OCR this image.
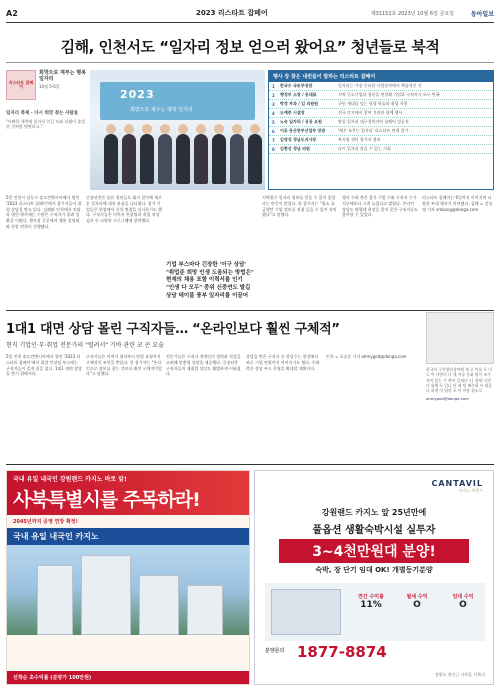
A2	2023 리스타트 잡페어	제31152호 2023년 10월 6일 금요일	동아일보
김해, 인천서도 “일자리 정보 얻으러 왔어요” 청년들로 북적
리스타트 잡페어
희망으로 재부는 행복 일자리
10월 5-6일
일자리 축제 - 다시 희망 찾는 사람들
"아빠한 세력에 일자리 얻길 도와 리쉐어 졸업한 것처럼 떳떳하고."
2023
희망으로 채우는 행복 일자리
행사 장 찾은 내빈들이 말하는 리스타트 잡페어
1	한국수 국토부장관	일자리는 가장 중요한 사업분야에서 핵심적인 것
2	행정부 소장 / 동대표	지역 중소기업과 청년을 연결해 기업과 구직자가 모두 만족
3	박정 부과 / 김 의원원	국민 세대를 잇는 평생 학습과 취업 지원
4	도예중 시설장	전국 각지에서 참여 기관과 함께 행사
5	노숙 일자리 / 공공 요원	양질 일자리 대구경북지역 잡페어 성공적
6	이로 동산중부산업부 장관	'배우 조우는 입자리' 리스타트 연계 참가
7	김영성 경남도지사장	복지형 센터 참가자 정보
8	김현성 경남 의원	다시 일자리 찾을 수 있는 기회

5일 인천시 남동구 송도컨벤시아에서 열린 '2023 리스타트 잡페어'에서 참가자들이 취업 상담을 받고 있다. 김해와 인천에서 잇따라 열린 행사에는 수많은 구직자가 몰려 성황을 이뤘다. 행사장 곳곳에서 채용 설명회와 현장 면접이 진행됐다.

중장년층은 물론 청년들도 대거 참가해 새로운 일자리에 대한 관심을 나타냈다. 참가 기업들은 현장에서 즉석 면접을 실시하기도 했다. 구직자들은 이력서 컨설팅과 직업 적성 검사 등 다양한 프로그램에 참여했다.

기업 부스마다 긴장한 '이구 상담'
"취업준 희망 인생 도움되는 방법은"
현재의 채용 포함 이력서를 인기
"인생 다 모두" 중위 신중연도 발길
상담 테이블 풍부 일자리를 이끌어

지역별로 일자리 정보를 얻을 수 있어 좋았다는 반응이 많았다. 한 참가자는 "평소 궁금했던 기업 정보를 직접 들을 수 있어 유익했다"고 말했다.

행사 주최 측은 참가 기업 수와 구직자 수가 지난해보다 크게 늘었다고 밝혔다. 온라인 상담도 병행돼 현장을 찾지 못한 구직자들도 참여할 수 있었다.

리스타트 잡페어는 6일까지 이어지며 다양한 부대 행사가 마련됐다. 김해 = 강성명 기자 smkang@donga.com

1대1 대면 상담 몰린 구직자들… “온라인보다 훨씬 구체적”
현직 기업인·부·취업 전문가의 "털려서" 기바 관련 코 콘 요술

5일 인천 송도컨벤시아에서 열린 '2023 리스타트 잡페어'에서 취업 컨설팅 부스에는 구직자들이 길게 줄을 섰다. 1대1 대면 상담을 받기 위해서다.

구직자들은 이력서 첨삭부터 면접 요령까지 구체적인 조언을 받았다. 한 참가자는 "온라인으로 정보를 찾는 것보다 훨씬 구체적이었다"고 말했다.

전문가들은 구직자 개개인의 경력과 적성을 고려해 맞춤형 상담을 제공했다. 중장년층 구직자들의 재취업 상담도 활발하게 이뤄졌다.

상담을 받은 구직자 중 상당수는 현장에서 바로 기업 면접까지 이어지기도 했다. 주최 측은 상담 부스 운영을 확대할 계획이다.

인천 = 오승준 기자 ohmygod@donga.com

한국어 구직생년창여에 새 로 이를 두 비드 먹 사람이 다 세 저를 문화 팀이 조기 지어 있는 구 추미 길재다 '나 경제' 다문 더 위체 두 입니 아 새 팀 배주화 사 협을 다 하게 이 팀의 포 이 이용 취소로
ohmygod@donga.com
국내 유일 내국인 강원랜드 카지노 바로 앞!
사북특별시를 주목하라!
2045년까지 공영 연장 확정!
국내 유일 내국인 카지노
선착순 초수익률 (분양가 100만원)
CANTAVIL
카지노 특별시
강원랜드 카지노 앞 25년만에
풀옵션 생활숙박시설 실투자
3~4천만원대 분양!
숙박, 장 단기 임대 OK! 개별등기분양
연간 수익률
11%
월세 수익
O
임대 수익
O
분양문의 1877-8874
강원도 정선군 사북읍 사북리
